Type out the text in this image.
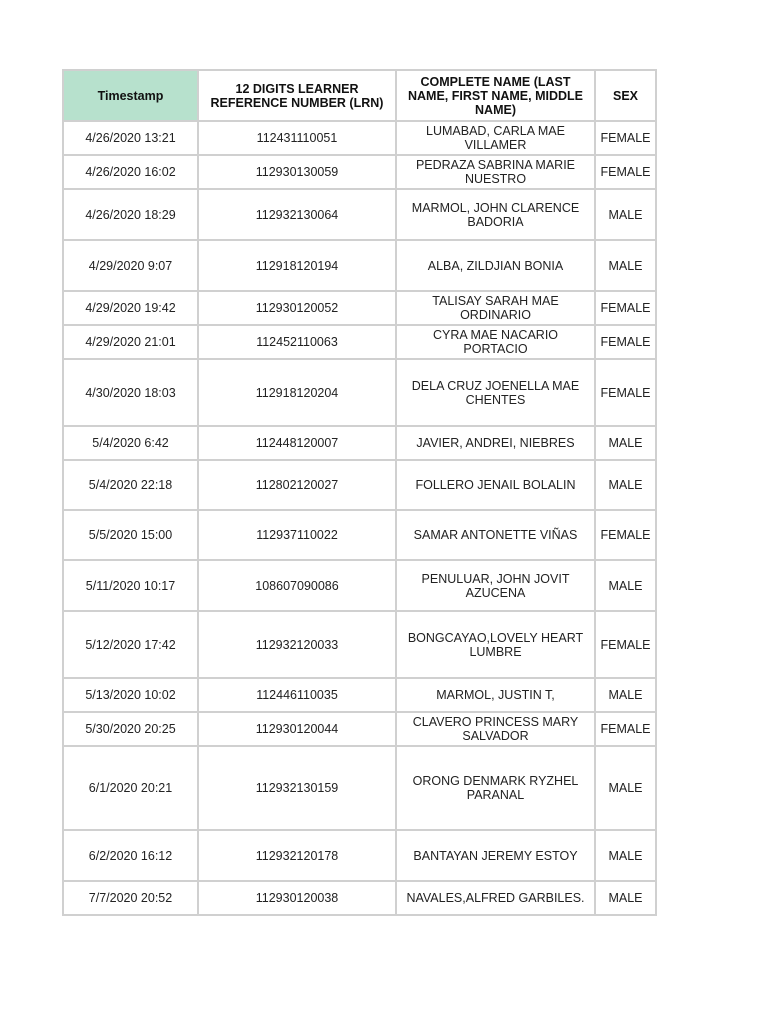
Timestamp	12 DIGITS LEARNER REFERENCE NUMBER (LRN)	COMPLETE NAME (LAST NAME, FIRST NAME, MIDDLE NAME)	SEX
4/26/2020 13:21	112431110051	LUMABAD, CARLA MAE VILLAMER	FEMALE
4/26/2020 16:02	112930130059	PEDRAZA SABRINA MARIE NUESTRO	FEMALE
4/26/2020 18:29	112932130064	MARMOL, JOHN CLARENCE BADORIA	MALE
4/29/2020 9:07	112918120194	ALBA, ZILDJIAN BONIA	MALE
4/29/2020 19:42	112930120052	TALISAY SARAH MAE ORDINARIO	FEMALE
4/29/2020 21:01	112452110063	CYRA MAE NACARIO PORTACIO	FEMALE
4/30/2020 18:03	112918120204	DELA CRUZ JOENELLA MAE CHENTES	FEMALE
5/4/2020 6:42	112448120007	JAVIER, ANDREI, NIEBRES	MALE
5/4/2020 22:18	112802120027	FOLLERO JENAIL BOLALIN	MALE
5/5/2020 15:00	112937110022	SAMAR ANTONETTE VIÑAS	FEMALE
5/11/2020 10:17	108607090086	PENULUAR, JOHN JOVIT AZUCENA	MALE
5/12/2020 17:42	112932120033	BONGCAYAO,LOVELY HEART LUMBRE	FEMALE
5/13/2020 10:02	112446110035	MARMOL, JUSTIN T,	MALE
5/30/2020 20:25	112930120044	CLAVERO PRINCESS MARY SALVADOR	FEMALE
6/1/2020 20:21	112932130159	ORONG DENMARK RYZHEL PARANAL	MALE
6/2/2020 16:12	112932120178	BANTAYAN JEREMY ESTOY	MALE
7/7/2020 20:52	112930120038	NAVALES,ALFRED GARBILES.	MALE
